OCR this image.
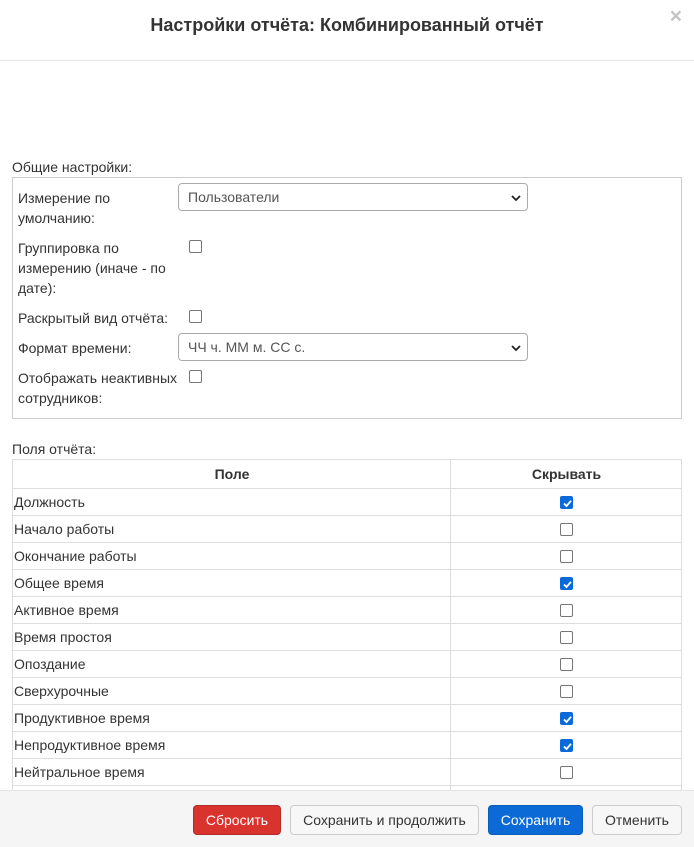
Настройки отчёта: Комбинированный отчёт	×
Общие настройки:
Измерение по умолчанию:
Пользователи
Группировка по измерению (иначе - по дате):
Раскрытый вид отчёта:
Формат времени:	ЧЧ ч. ММ м. СС с.
Отображать неактивных сотрудников:
Поля отчёта:
Поле	Скрывать
Должность	

Начало работы	

Окончание работы	

Общее время	

Активное время	

Время простоя	

Опоздание	

Сверхурочные	

Продуктивное время	

Непродуктивное время	

Нейтральное время	

Сбросить	Сохранить и продолжить	Сохранить	Отменить
